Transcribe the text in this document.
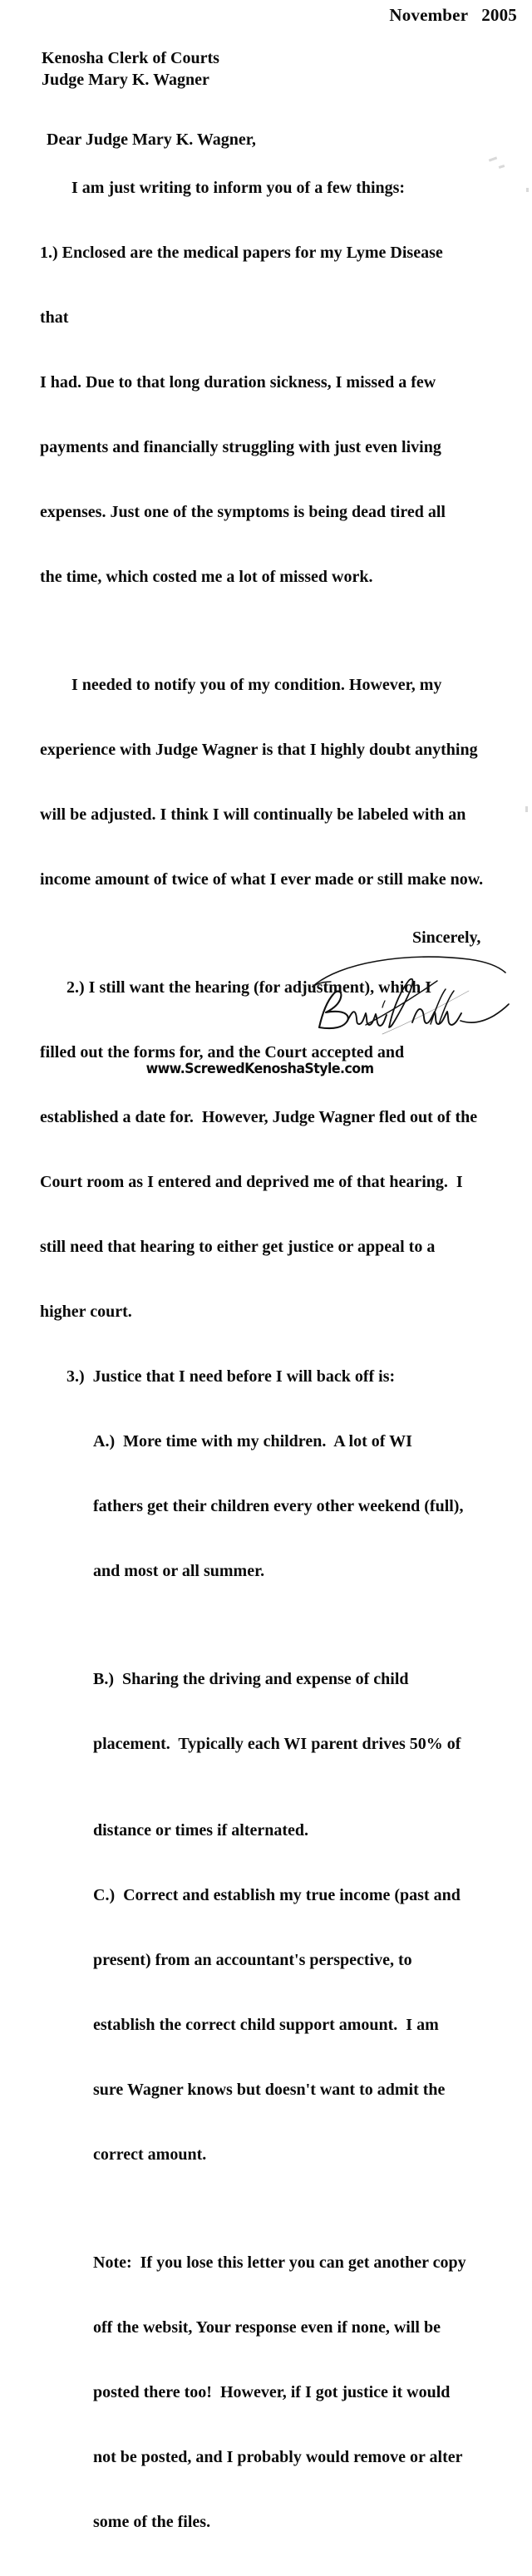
November   2005
Kenosha Clerk of Courts
Judge Mary K. Wagner
Dear Judge Mary K. Wagner,

I am just writing to inform you of a few things:

1.) Enclosed are the medical papers for my Lyme Disease

that

I had. Due to that long duration sickness, I missed a few

payments and financially struggling with just even living

expenses. Just one of the symptoms is being dead tired all

the time, which costed me a lot of missed work.

I needed to notify you of my condition. However, my

experience with Judge Wagner is that I highly doubt anything

will be adjusted. I think I will continually be labeled with an

income amount of twice of what I ever made or still make now.

2.) I still want the hearing (for adjustment), which I

filled out the forms for, and the Court accepted and

established a date for.  However, Judge Wagner fled out of the

Court room as I entered and deprived me of that hearing.  I

still need that hearing to either get justice or appeal to a

higher court.

3.)  Justice that I need before I will back off is:

A.)  More time with my children.  A lot of WI

fathers get their children every other weekend (full),

and most or all summer.

B.)  Sharing the driving and expense of child

placement.  Typically each WI parent drives 50% of

distance or times if alternated.

C.)  Correct and establish my true income (past and

present) from an accountant's perspective, to

establish the correct child support amount.  I am

sure Wagner knows but doesn't want to admit the

correct amount.

Note:  If you lose this letter you can get another copy

off the websit, Your response even if none, will be

posted there too!  However, if I got justice it would

not be posted, and I probably would remove or alter

some of the files.

Sincerely,
www.ScrewedKenoshaStyle.com
